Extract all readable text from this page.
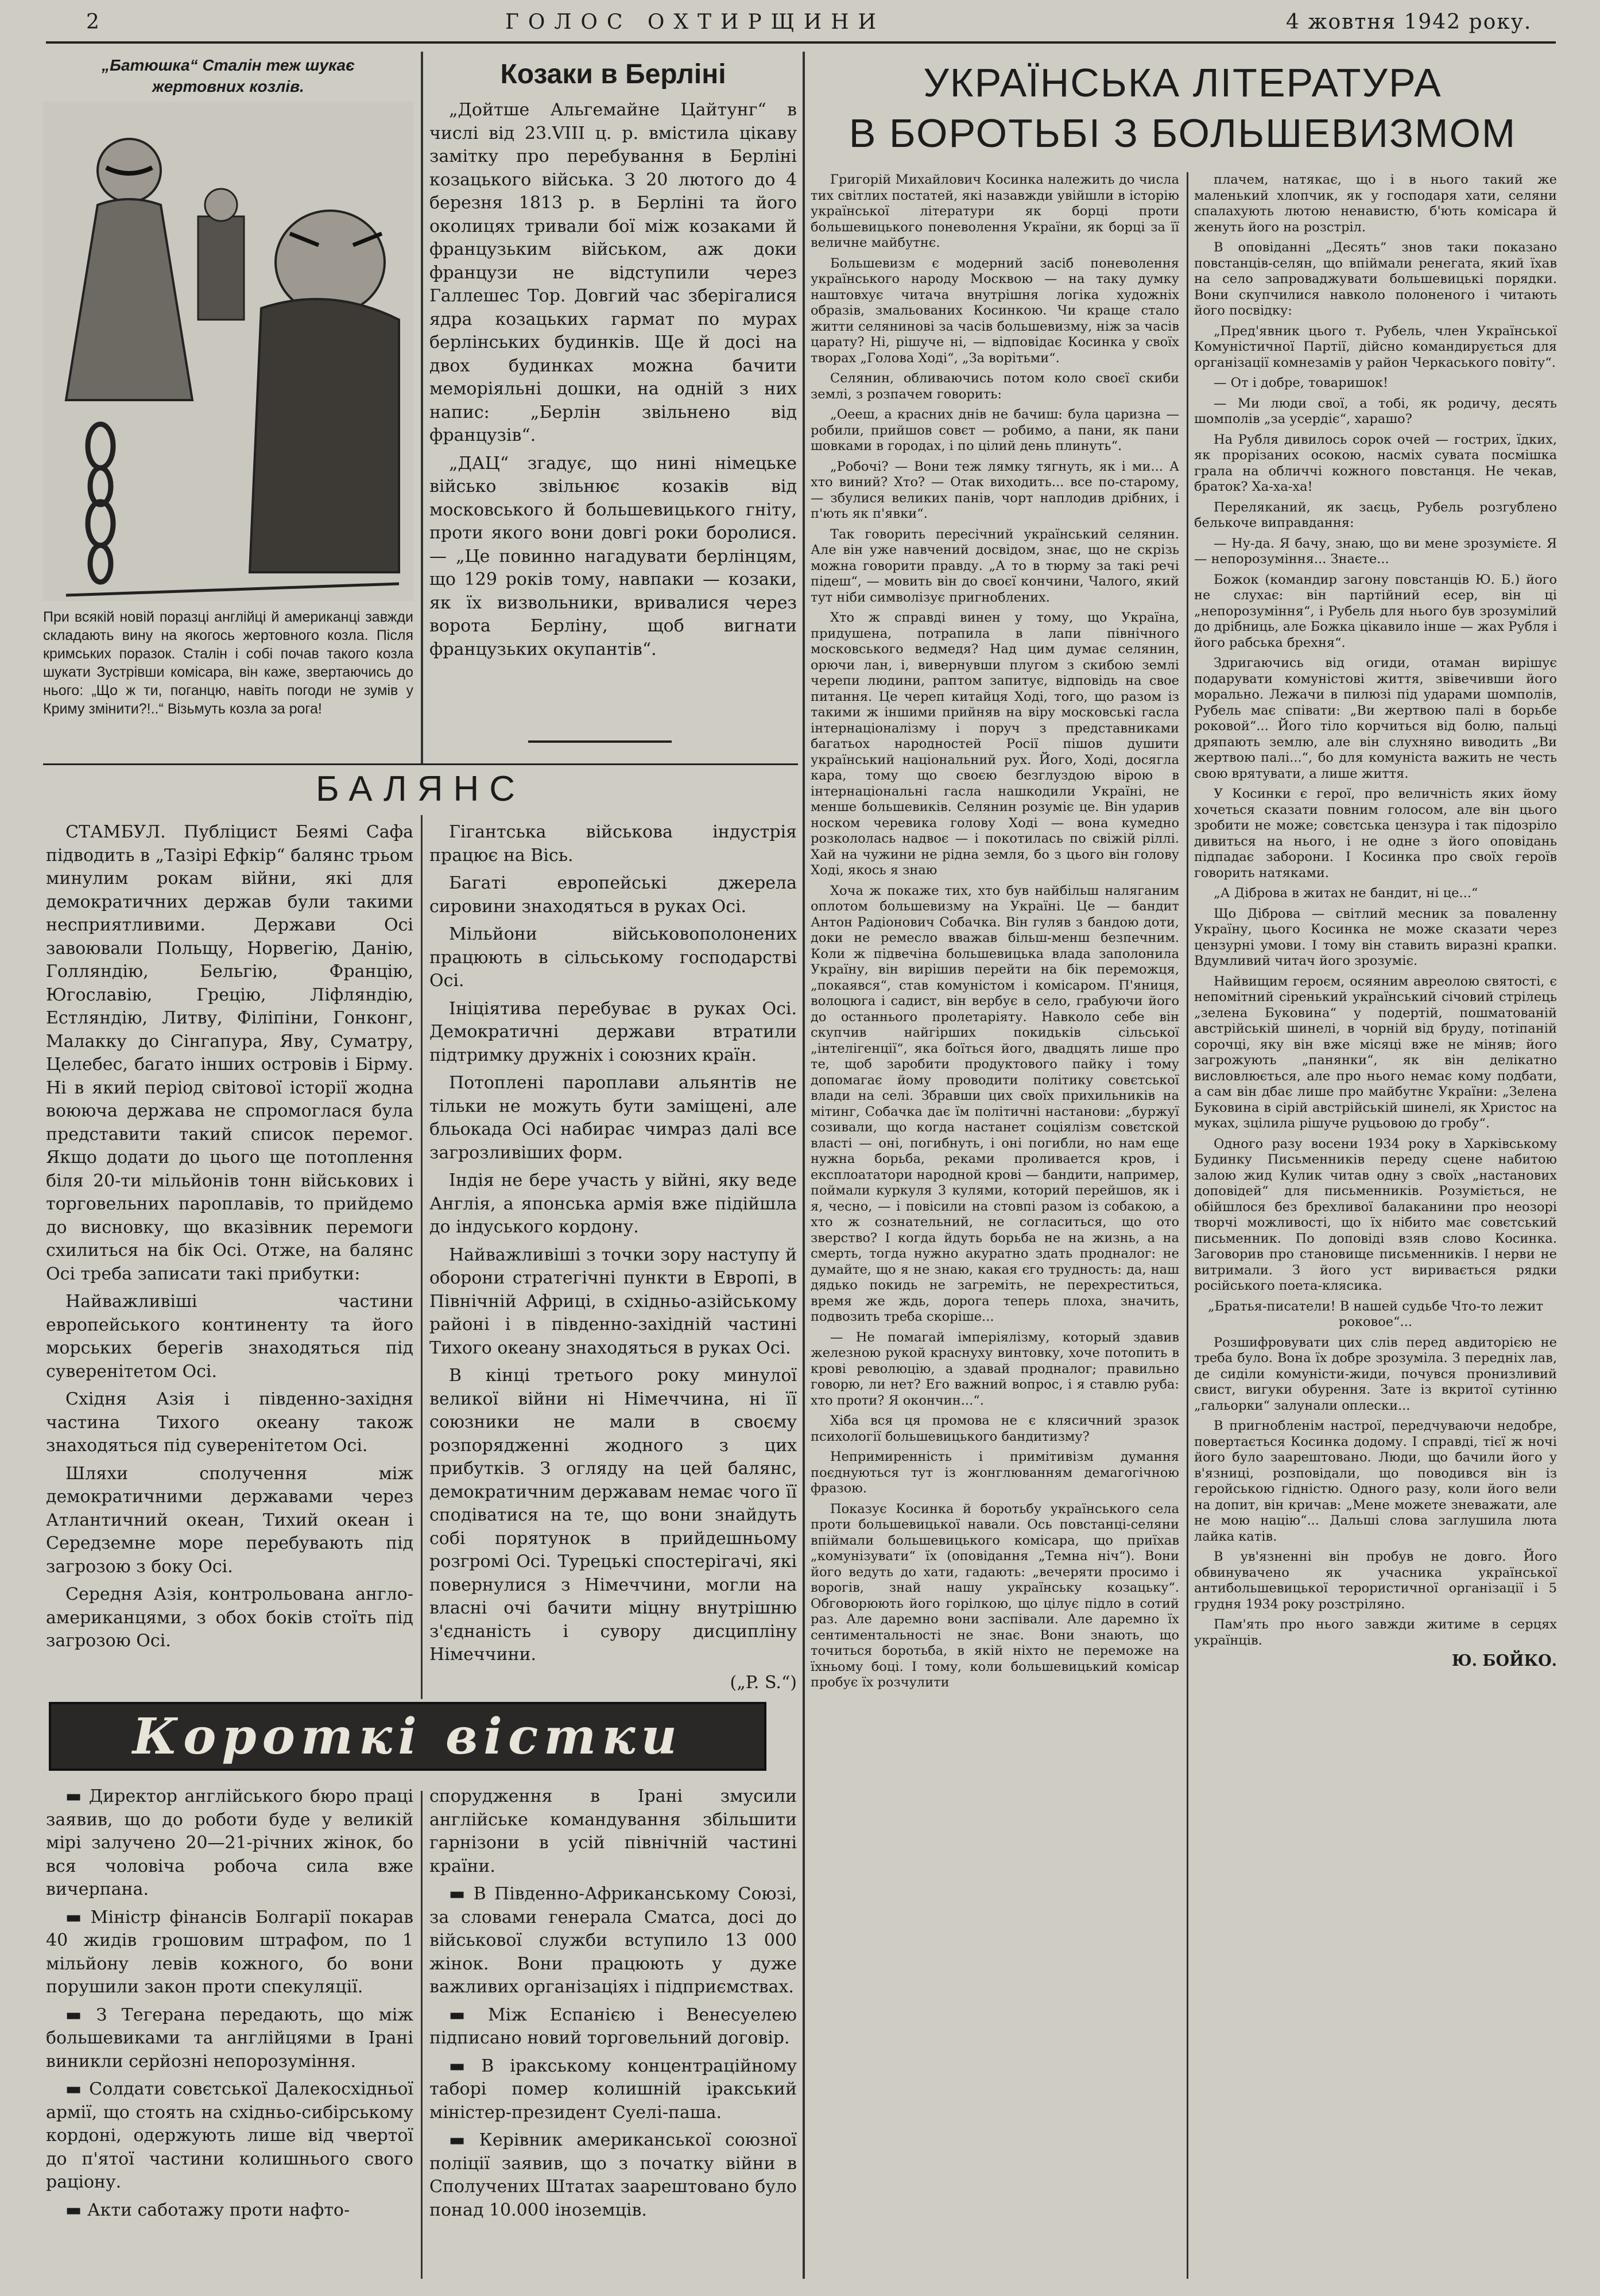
2	ГОЛОС ОХТИРЩИНИ	4 жовтня 1942 року.
„Батюшка“ Сталін теж шукає жертовних козлів.
При всякій новій поразці англійці й американці завжди складають вину на якогось жертовного козла. Після кримських поразок. Сталін і собі почав такого козла шукати Зустрівши комісара, він каже, звертаючись до нього: „Що ж ти, поганцю, навіть погоди не зумів у Криму змінити?!..“ Візьмуть козла за рога!
Козаки в Берліні

„Дойтше Альгемайне Цайтунг“ в числі від 23.VIII ц. р. вмістила цікаву замітку про перебування в Берліні козацького війська. З 20 лютого до 4 березня 1813 р. в Берліні та його околицях тривали бої між козаками й французьким військом, аж доки французи не відступили через Галлешес Тор. Довгий час зберігалися ядра козацьких гармат по мурах берлінських будинків. Ще й досі на двох будинках можна бачити меморіяльні дошки, на одній з них напис: „Берлін звільнено від французів“.

„ДАЦ“ згадує, що нині німецьке військо звільнює козаків від московського й большевицького гніту, проти якого вони довгі роки боролися. — „Це повинно нагадувати берлінцям, що 129 років тому, навпаки — козаки, як їх визвольники, вривалися через ворота Берліну, щоб вигнати французьких окупантів“.

БАЛЯНС

СТАМБУЛ. Публіцист Беямі Сафа підводить в „Тазірі Ефкір“ балянс трьом минулим рокам війни, які для демократичних держав були такими несприятливими. Держави Осі завоювали Польщу, Норвегію, Данію, Голляндію, Бельгію, Францію, Югославію, Грецію, Ліфляндію, Естляндію, Литву, Філіпіни, Гонконг, Малакку до Сінгапура, Яву, Суматру, Целебес, багато інших островів і Бірму. Ні в який період світової історії жодна воююча держава не спромоглася була представити такий список перемог. Якщо додати до цього ще потоплення біля 20-ти мільйонів тонн військових і торговельних пароплавів, то прийдемо до висновку, що вказівник перемоги схилиться на бік Осі. Отже, на балянс Осі треба записати такі прибутки:

Найважливіші частини европейського континенту та його морських берегів знаходяться під суверенітетом Осі.

Східня Азія і південно-західня частина Тихого океану також знаходяться під суверенітетом Осі.

Шляхи сполучення між демократичними державами через Атлантичний океан, Тихий океан і Середземне море перебувають під загрозою з боку Осі.

Середня Азія, контрольована англо-американцями, з обох боків стоїть під загрозою Осі.

Гігантська військова індустрія працює на Вісь.

Багаті европейські джерела сировини знаходяться в руках Осі.

Мільйони військовополонених працюють в сільському господарстві Осі.

Ініціятива перебуває в руках Осі. Демократичні держави втратили підтримку дружніх і союзних країн.

Потоплені пароплави альянтів не тільки не можуть бути заміщені, але бльокада Осі набирає чимраз далі все загрозливіших форм.

Індія не бере участь у війні, яку веде Англія, а японська армія вже підійшла до індуського кордону.

Найважливіші з точки зору наступу й оборони стратегічні пункти в Европі, в Північній Африці, в східньо-азійському районі і в південно-західній частині Тихого океану знаходяться в руках Осі.

В кінці третього року минулої великої війни ні Німеччина, ні її союзники не мали в своєму розпорядженні жодного з цих прибутків. З огляду на цей балянс, демократичним державам немає чого її сподіватися на те, що вони знайдуть собі порятунок в прийдешньому розгромі Осі. Турецькі спостерігачі, які повернулися з Німеччини, могли на власні очі бачити міцну внутрішню з'єднаність і сувору дисципліну Німеччини.

(„P. S.“)

Короткі вістки

▬ Директор англійського бюро праці заявив, що до роботи буде у великій мірі залучено 20—21-річних жінок, бо вся чоловіча робоча сила вже вичерпана.

▬ Міністр фінансів Болгарії покарав 40 жидів грошовим штрафом, по 1 мільйону левів кожного, бо вони порушили закон проти спекуляції.

▬ З Тегерана передають, що між большевиками та англійцями в Ірані виникли серйозні непорозуміння.

▬ Солдати совєтської Далекосхідньої армії, що стоять на східньо-сибірському кордоні, одержують лише від чвертої до п'ятої частини колишнього свого раціону.

▬ Акти саботажу проти нафто-

спорудження в Ірані змусили англійське командування збільшити гарнізони в усій північній частині країни.

▬ В Південно-Африканському Союзі, за словами генерала Сматса, досі до військової служби вступило 13 000 жінок. Вони працюють у дуже важливих організаціях і підприємствах.

▬ Між Еспанією і Венесуелею підписано новий торговельний договір.

▬ В іракському концентраційному таборі помер колишній іракський міністер-президент Суелі-паша.

▬ Керівник американської союзної поліції заявив, що з початку війни в Сполучених Штатах заарештовано було понад 10.000 іноземців.

УКРАЇНСЬКА ЛІТЕРАТУРА
В БОРОТЬБІ З БОЛЬШЕВИЗМОМ

Григорій Михайлович Косинка належить до числа тих світлих постатей, які назавжди увійшли в історію української літератури як борці проти большевицького поневолення України, як борці за її величне майбутнє.

Большевизм є модерний засіб поневолення українського народу Москвою — на таку думку наштовхує читача внутрішня логіка художніх образів, змальованих Косинкою. Чи краще стало житти селянинові за часів большевизму, ніж за часів царату? Ні, рішуче ні, — відповідає Косинка у своїх творах „Голова Ході“, „За ворітьми“.

Селянин, обливаючись потом коло своєї скиби землі, з розпачем говорить:

„Оееш, а красних днів не бачиш: була царизна — робили, прийшов совєт — робимо, а пани, як пани шовками в городах, і по цілий день плинуть“.

„Робочі? — Вони теж лямку тягнуть, як і ми... А хто виний? Хто? — Отак виходить... все по-старому, — збулися великих панів, чорт наплодив дрібних, і п'ють як п'явки“.

Так говорить пересічний український селянин. Але він уже навчений досвідом, знає, що не скрізь можна говорити правду. „А то в тюрму за такі речі підеш“, — мовить він до своєї кончини, Чалого, який тут ніби символізує пригноблених.

Хто ж справді винен у тому, що Україна, придушена, потрапила в лапи північного московського ведмедя? Над цим думає селянин, орючи лан, і, вивернувши плугом з скибою землі черепи людини, раптом запитує, відповідь на свое питання. Це череп китайця Ході, того, що разом із такими ж іншими прийняв на віру московські гасла інтернаціоналізму і поруч з представниками багатьох народностей Росії пішов душити український національний рух. Його, Ході, досягла кара, тому що своєю безглуздою вірою в інтернаціональні гасла нашкодили Україні, не менше большевиків. Селянин розуміє це. Він ударив носком черевика голову Ході — вона кумедно розкололась надвоє — і покотилась по свіжій ріллі. Хай на чужини не рідна земля, бо з цього він голову Ході, якось я знаю

Хоча ж покаже тих, хто був найбільш наляганим оплотом большевизму на Україні. Це — бандит Антон Радіонович Собачка. Він гуляв з бандою доти, доки не ремесло вважав більш-менш безпечним. Коли ж підвечіна большевицька влада заполонила Україну, він вирішив перейти на бік переможця, „покаявся“, став комуністом і комісаром. П'яниця, волоцюга і садист, він вербує в село, грабуючи його до останнього пролетаріяту. Навколо себе він скупчив найгірших покидьків сільської „інтелігенції“, яка боїться його, двадцять лише про те, щоб заробити продуктового пайку і тому допомагає йому проводити політику совєтської влади на селі. Збравши цих своїх прихильників на мітинг, Собачка дає їм політичні настанови: „буржуї созивали, що когда настанет соціялізм совєтской власті — оні, погибнуть, і оні погибли, но нам еще нужна борьба, реками проливается кров, і експлоататори народной крові — бандити, например, поймали куркуля 3 кулями, которий перейшов, як і я, чесно, — і повісили на стовпі разом із собакою, а хто ж сознательний, не соглаcиться, що ото зверство? І когда йдуть борьба не на жизнь, а на смерть, тогда нужно акуратно здать продналог: не думайте, що я не знаю, какая єго трудность: да, наш дядько покидь не загреміть, не перехреститься, время же ждь, дорога теперь плоха, значить, подвозить треба скоріше...

— Не помагай імперіялізму, который здавив железною рукой краснуху винтовку, хоче потопить в крові революцію, а здавай продналог; правильно говорю, ли нет? Его важний вопрос, і я ставлю руба: хто проти? Я окончин...“.

Хіба вся ця промова не є клясичний зразок психології большевицького бандитизму?

Непримиренність і примітивізм думання поєднуються тут із жонглюванням демагогічною фразою.

Показує Косинка й боротьбу українського села проти большевицької навали. Ось повстанці-селяни впіймали большевицького комісара, що приїхав „комунізувати“ їх (оповідання „Темна ніч“). Вони його ведуть до хати, гадають: „вечеряти просимо і ворогів, знай нашу українську козацьку“. Обговорюють його горілкою, що цілує підло в сотий раз. Але даремно вони заспівали. Але даремно їх сентиментальності не знає. Вони знають, що точиться боротьба, в якій ніхто не переможе на їхньому боці. І тому, коли большевицький комісар пробує їх розчулити

плачем, натякає, що і в нього такий же маленький хлопчик, як у господаря хати, селяни спалахують лютою ненавистю, б'ють комісара й женуть його на розстріл.

В оповіданні „Десять“ знов таки показано повстанців-селян, що впіймали ренегата, який їхав на село запроваджувати большевицькі порядки. Вони скупчилися навколо полоненого і читають його посвідку:

„Пред'явник цього т. Рубель, член Української Комуністичної Партії, дійсно командирується для організації комнезамів у район Черкаського повіту“.

— От і добре, товаришок!

— Ми люди свої, а тобі, як родичу, десять шомполів „за усердіє“, харашо?

На Рубля дивилось сорок очей — гострих, їдких, як прорізаних осокою, насміх сувата посмішка грала на обличчі кожного повстанця. Не чекав, браток? Ха-ха-ха!

Переляканий, як заєць, Рубель розгублено белькоче виправдання:

— Ну-да. Я бачу, знаю, що ви мене зрозумієте. Я — непорозуміння... Знаєте...

Божок (командир загону повстанців Ю. Б.) його не слухає: він партійний есер, він ці „непорозуміння“, і Рубель для нього був зрозумілий до дрібниць, але Божка цікавило інше — жах Рубля і його рабська брехня“.

Здригаючись від огиди, отаман вирішує подарувати комуністові життя, звівечивши його морально. Лежачи в пилюзі під ударами шомполів, Рубель має співати: „Ви жертвою палі в борьбе роковой“... Його тіло корчиться від болю, пальці дряпають землю, але він слухняно виводить „Ви жертвою палі...“, бо для комуніста важить не честь свою врятувати, а лише життя.

У Косинки є герої, про величність яких йому хочеться сказати повним голосом, але він цього зробити не може; совєтська цензура і так підозріло дивиться на нього, і не одне з його оповідань підпадає заборони. І Косинка про своїх героїв говорить натяками.

„А Діброва в житах не бандит, ні це...“

Що Діброва — світлий месник за поваленну Україну, цього Косинка не може сказати через цензурні умови. І тому він ставить виразні крапки. Вдумливий читач його зрозуміє.

Найвищим героєм, осяяним авреолою святості, є непомітний сіренький український січовий стрілець „зелена Буковина“ у подертій, пошматованій австрійській шинелі, в чорній від бруду, потіпаній сорочці, яку він вже місяці вже не міняв; його загрожують „панянки“, як він делікатно висловлюється, але про нього немає кому подбати, а сам він дбає лише про майбутнє України: „Зелена Буковина в сірій австрійській шинелі, як Христос на муках, зцілила рішуче руцьовою до гробу“.

Одного разу восени 1934 року в Харківському Будинку Письменників переду сцене набитою залою жид Кулик читав одну з своїх „настанових доповідей“ для письменників. Розуміється, не обійшлося без брехливої балаканини про неозорі творчі можливості, що їх нібито має совєтський письменник. По доповіді взяв слово Косинка. Заговорив про становище письменників. І нерви не витримали. З його уст виривається рядки російського поета-клясика.

„Братья-писатели! В нашей судьбе Что-то лежит роковое“...

Розшифровувати цих слів перед авдиторією не треба було. Вона їх добре зрозуміла. З передніх лав, де сиділи комуністи-жиди, почувся пронизливий свист, вигуки обурення. Зате із вкритої сутінню „гальорки“ залунали оплески...

В пригнобленім настрої, передчуваючи недобре, повертається Косинка додому. І справді, тієї ж ночі його було заарештовано. Люди, що бачили його у в'язниці, розповідали, що поводився він із геройською гідністю. Одного разу, коли його вели на допит, він кричав: „Мене можете зневажати, але не мою націю“... Дальші слова заглушила люта лайка катів.

В ув'язненні він пробув не довго. Його обвинувачено як учасника української антибольшевицької терористичної організації і 5 грудня 1934 року розстріляно.

Пам'ять про нього завжди житиме в серцях українців.

Ю. БОЙКО.
